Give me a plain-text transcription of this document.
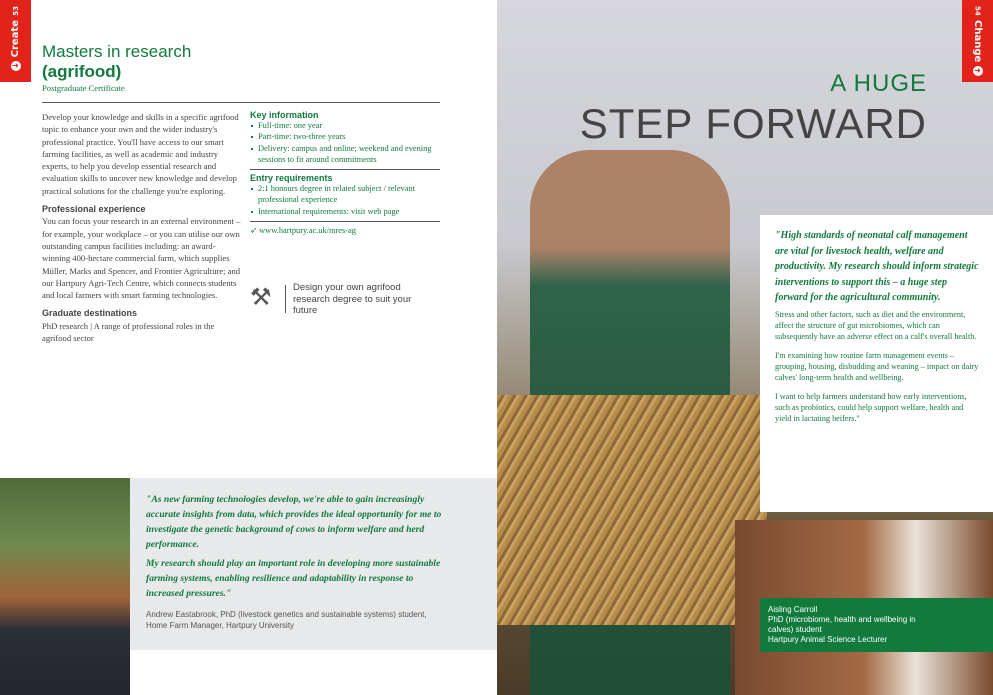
53
Create
➜
54
Change
➜
Masters in research
(agrifood)
Postgraduate Certificate

Develop your knowledge and skills in a specific agrifood topic to enhance your own and the wider industry's professional practice. You'll have access to our smart farming facilities, as well as academic and industry experts, to help you develop essential research and evaluation skills to uncover new knowledge and develop practical solutions for the challenge you're exploring.

Professional experience

You can focus your research in an external environment – for example, your workplace – or you can utilise our own outstanding campus facilities including: an award-winning 400-hectare commercial farm, which supplies Müller, Marks and Spencer, and Frontier Agriculture; and our Hartpury Agri-Tech Centre, which connects students and local farmers with smart farming technologies.

Graduate destinations

PhD research | A range of professional roles in the agrifood sector

Key information
Full-time: one year
Part-time: two-three years
Delivery: campus and online; weekend and evening sessions to fit around commitments
Entry requirements
2:1 honours degree in related subject / relevant professional experience
International requirements: visit web page
➶ www.hartpury.ac.uk/mres-ag
⚒ Design your own agrifood research degree to suit your future

"As new farming technologies develop, we're able to gain increasingly accurate insights from data, which provides the ideal opportunity for me to investigate the genetic background of cows to inform welfare and herd performance.

My research should play an important role in developing more sustainable farming systems, enabling resilience and adaptability in response to increased pressures."

Andrew Eastabrook, PhD (livestock genetics and sustainable systems) student, Home Farm Manager, Hartpury University
A HUGE
STEP FORWARD

"High standards of neonatal calf management are vital for livestock health, welfare and productivity. My research should inform strategic interventions to support this – a huge step forward for the agricultural community.

Stress and other factors, such as diet and the environment, affect the structure of gut microbiomes, which can subsequently have an adverse effect on a calf's overall health.

I'm examining how routine farm management events – grouping, housing, disbudding and weaning – impact on dairy calves' long-term health and wellbeing.

I want to help farmers understand how early interventions, such as probiotics, could help support welfare, health and yield in lactating heifers."

Aisling Carroll
PhD (microbiome, health and wellbeing in calves) student
Hartpury Animal Science Lecturer
